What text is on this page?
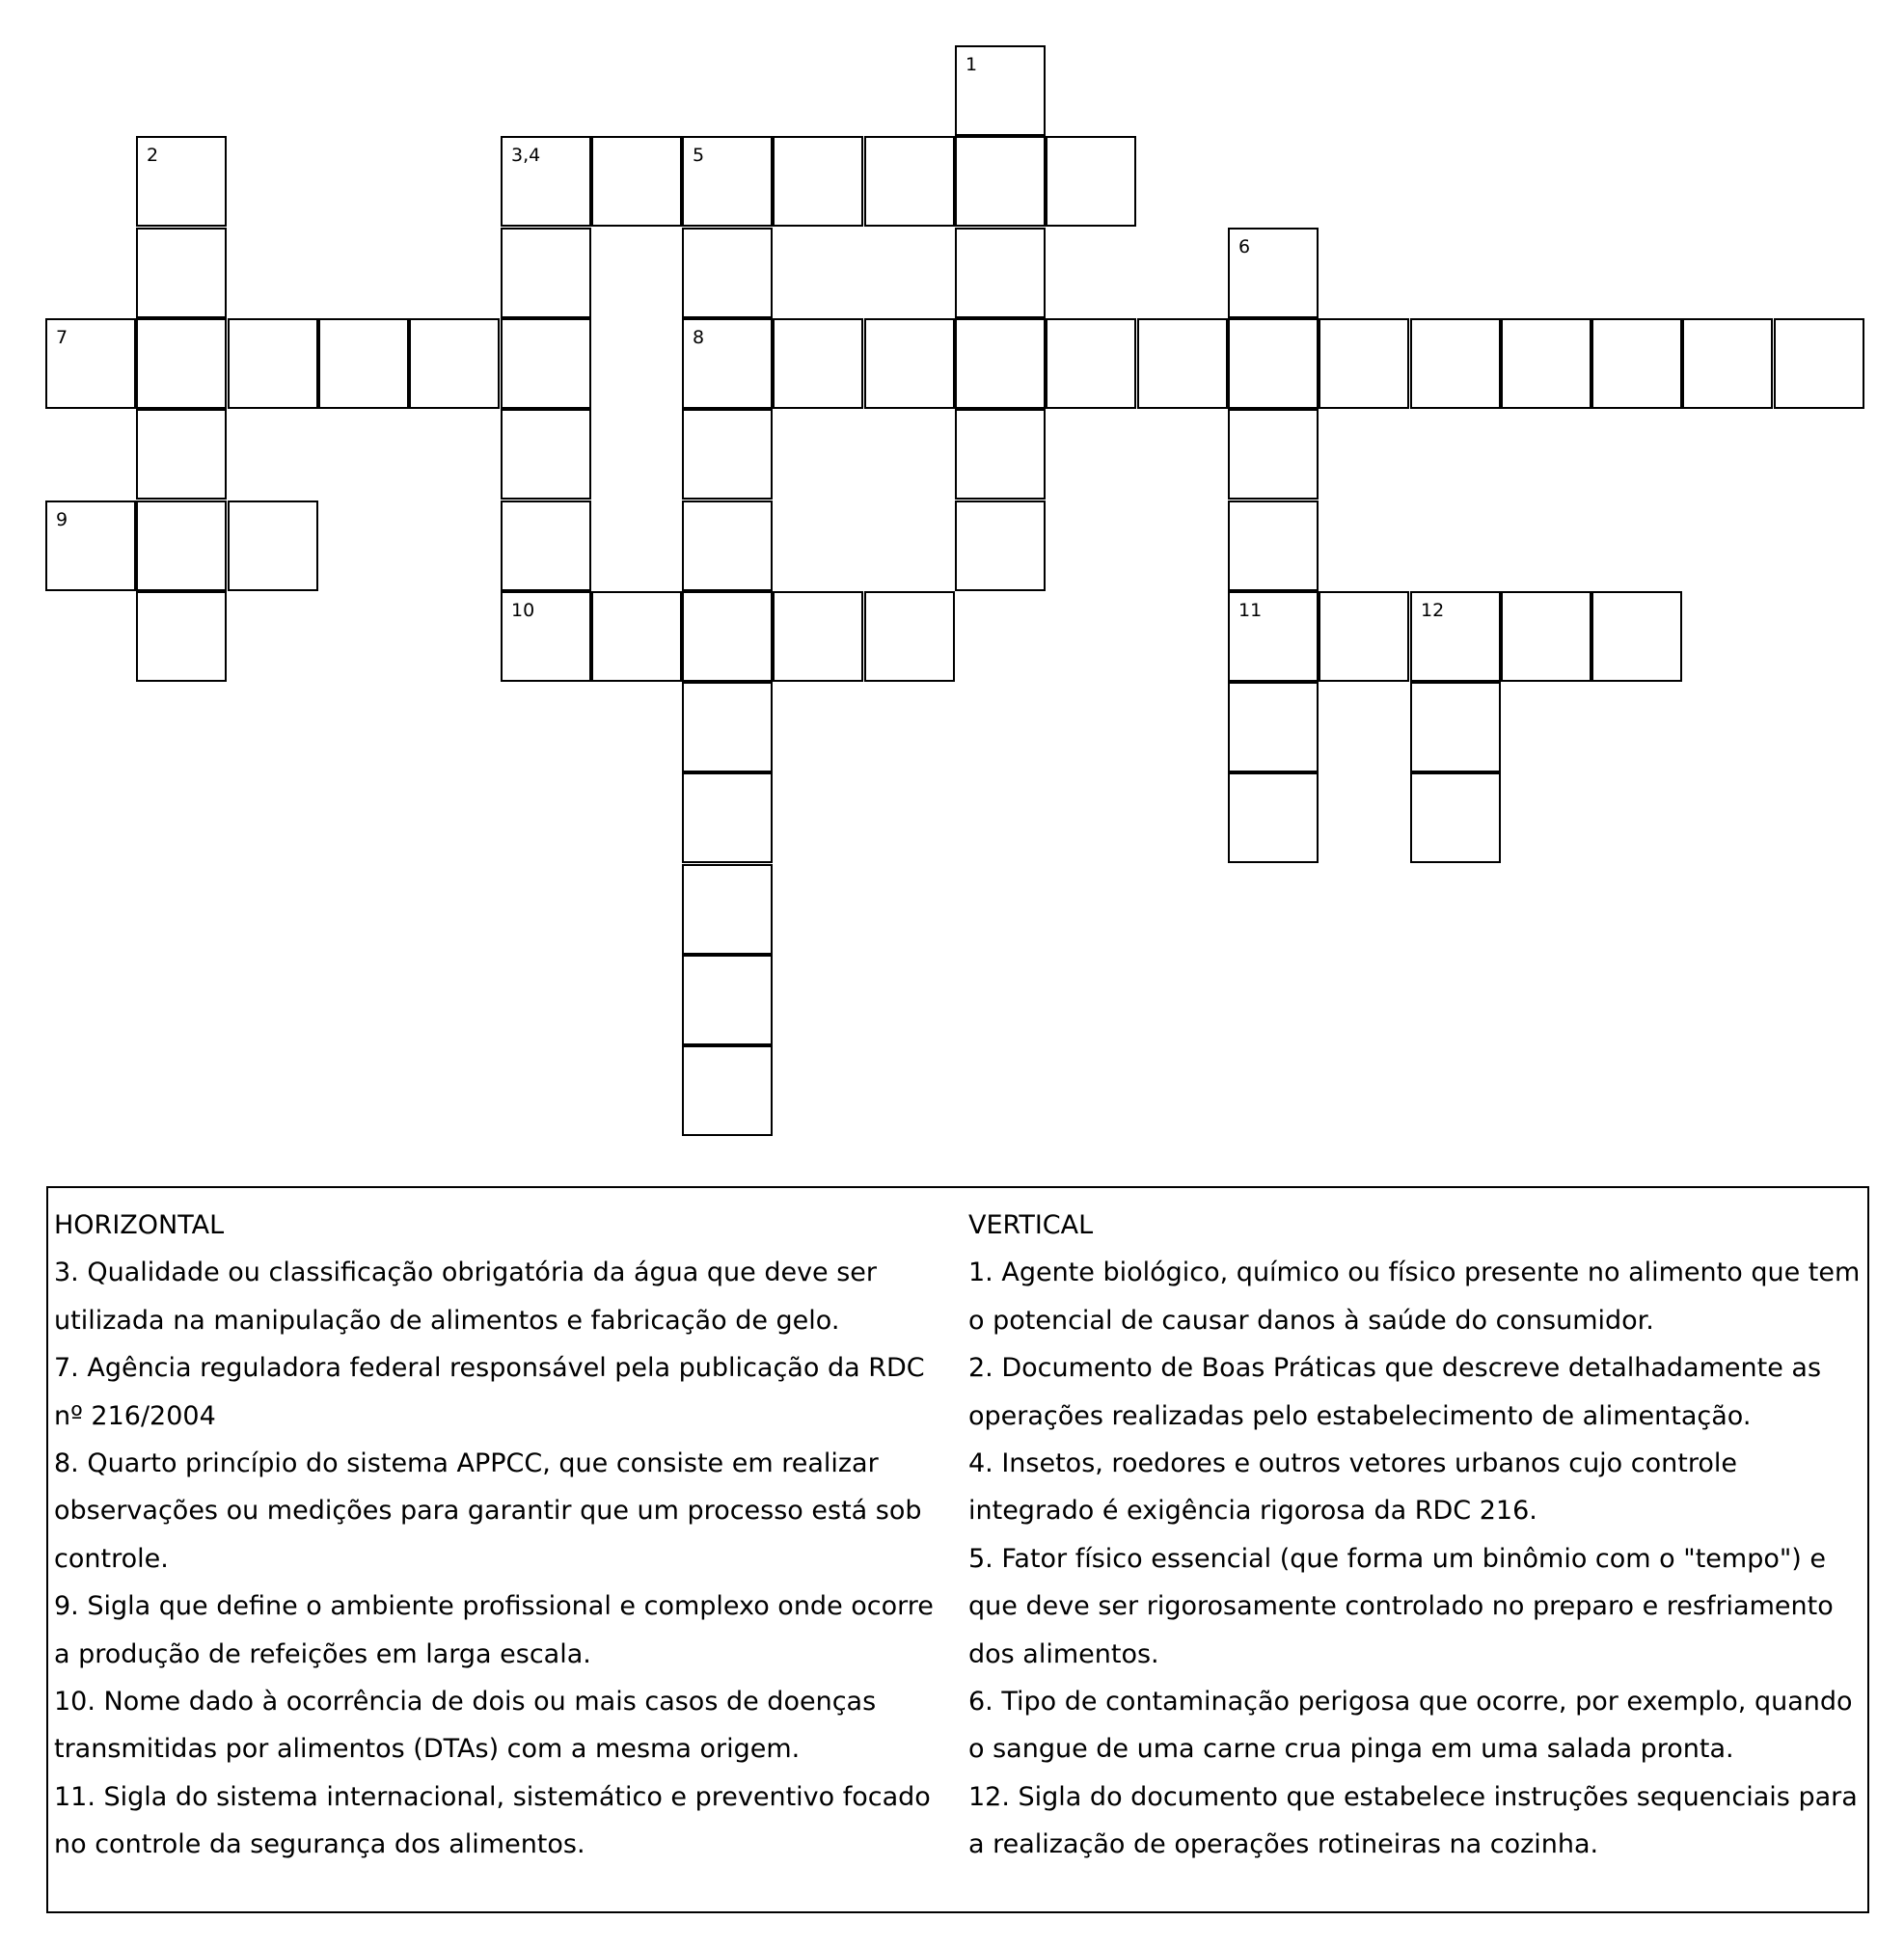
1
2	3,4	5
6
7	8
9
10	11	12

HORIZONTAL

3. Qualidade ou classificação obrigatória da água que deve ser utilizada na manipulação de alimentos e fabricação de gelo.

7. Agência reguladora federal responsável pela publicação da RDC nº 216/2004

8. Quarto princípio do sistema APPCC, que consiste em realizar observações ou medições para garantir que um processo está sob controle.

9. Sigla que define o ambiente profissional e complexo onde ocorre a produção de refeições em larga escala.

10. Nome dado à ocorrência de dois ou mais casos de doenças transmitidas por alimentos (DTAs) com a mesma origem.

11. Sigla do sistema internacional, sistemático e preventivo focado no controle da segurança dos alimentos.

VERTICAL

1. Agente biológico, químico ou físico presente no alimento que tem o potencial de causar danos à saúde do consumidor.

2. Documento de Boas Práticas que descreve detalhadamente as operações realizadas pelo estabelecimento de alimentação.

4. Insetos, roedores e outros vetores urbanos cujo controle integrado é exigência rigorosa da RDC 216.

5. Fator físico essencial (que forma um binômio com o "tempo") e que deve ser rigorosamente controlado no preparo e resfriamento dos alimentos.

6. Tipo de contaminação perigosa que ocorre, por exemplo, quando o sangue de uma carne crua pinga em uma salada pronta.

12. Sigla do documento que estabelece instruções sequenciais para a realização de operações rotineiras na cozinha.
